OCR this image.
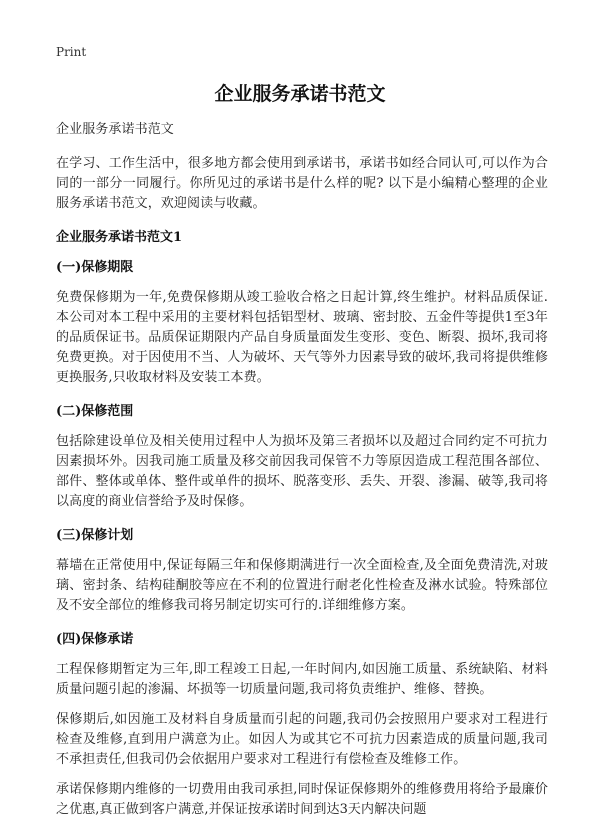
Print
企业服务承诺书范文

企业服务承诺书范文

在学习、工作生活中，很多地方都会使用到承诺书，承诺书如经合同认可,可以作为合同的一部分一同履行。你所见过的承诺书是什么样的呢? 以下是小编精心整理的企业服务承诺书范文，欢迎阅读与收藏。

企业服务承诺书范文1

(一)保修期限

免费保修期为一年,免费保修期从竣工验收合格之日起计算,终生维护。材料品质保证.本公司对本工程中采用的主要材料包括铝型材、玻璃、密封胶、五金件等提供1至3年的品质保证书。品质保证期限内产品自身质量面发生变形、变色、断裂、损坏,我司将免费更换。对于因使用不当、人为破坏、天气等外力因素导致的破坏,我司将提供维修更换服务,只收取材料及安装工本费。

(二)保修范围

包括除建设单位及相关使用过程中人为损坏及第三者损坏以及超过合同约定不可抗力因素损坏外。因我司施工质量及移交前因我司保管不力等原因造成工程范围各部位、部件、整体或单体、整件或单件的损坏、脱落变形、丢失、开裂、渗漏、破等,我司将以高度的商业信誉给予及时保修。

(三)保修计划

幕墙在正常使用中,保证每隔三年和保修期满进行一次全面检查,及全面免费清洗,对玻璃、密封条、结构硅酮胶等应在不利的位置进行耐老化性检查及淋水试验。特殊部位及不安全部位的维修我司将另制定切实可行的.详细维修方案。

(四)保修承诺

工程保修期暂定为三年,即工程竣工日起,一年时间内,如因施工质量、系统缺陷、材料质量问题引起的渗漏、坏损等一切质量问题,我司将负责维护、维修、替换。

保修期后,如因施工及材料自身质量而引起的问题,我司仍会按照用户要求对工程进行检查及维修,直到用户满意为止。如因人为或其它不可抗力因素造成的质量问题,我司不承担责任,但我司仍会依据用户要求对工程进行有偿检查及维修工作。

承诺保修期内维修的一切费用由我司承担,同时保证保修期外的维修费用将给予最廉价之优惠,真正做到客户满意,并保证按承诺时间到达3天内解决问题
